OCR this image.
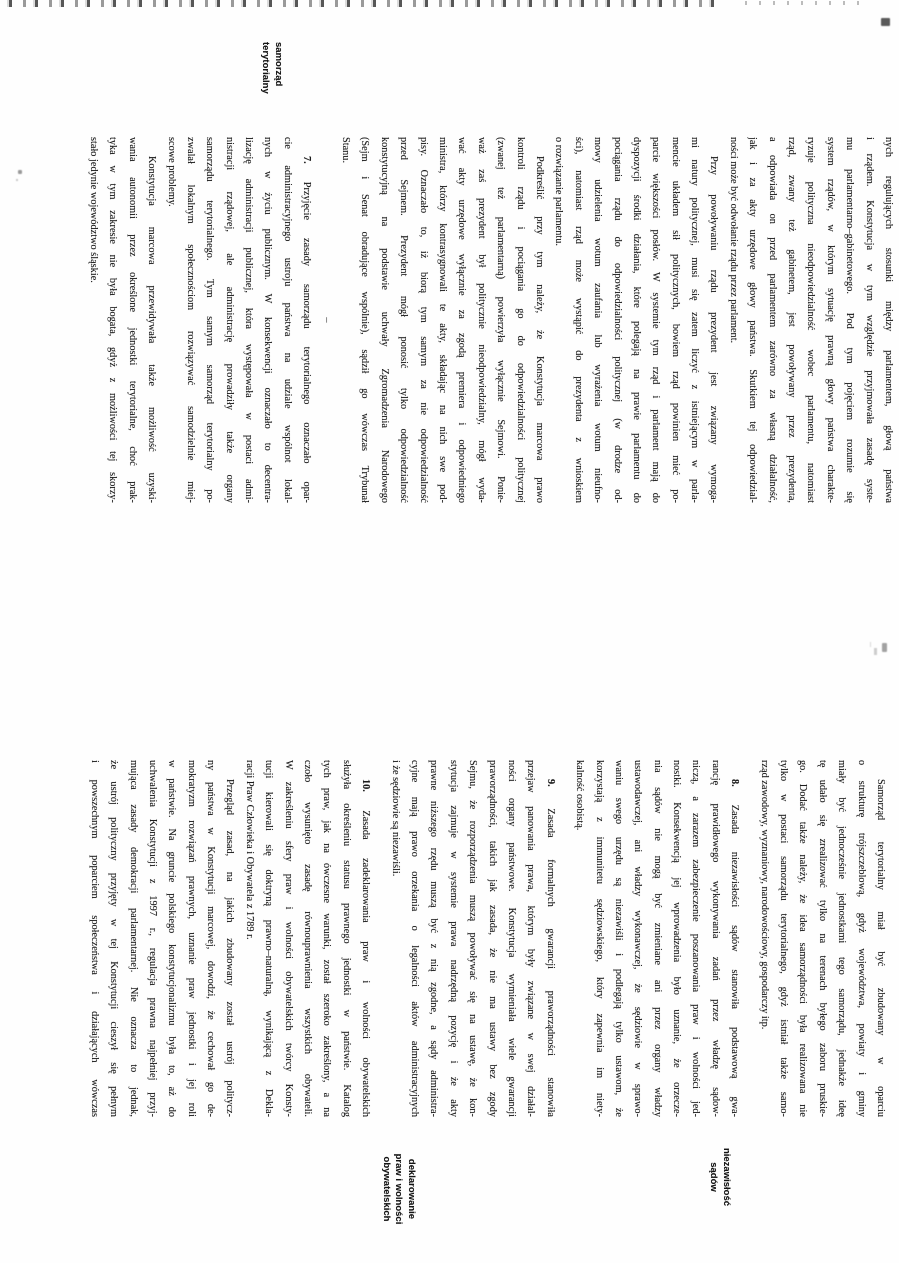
samorząd
terytorialny
nych regulujących stosunki między parlamentem, głową państwa
i rządem. Konstytucja w tym względzie przyjmowała zasadę syste-
mu parlamentarno–gabinetowego. Pod tym pojęciem rozumie się
system rządów, w którym sytuację prawną głowy państwa charakte-
ryzuje polityczna nieodpowiedzialność wobec parlamentu, natomiast
rząd, zwany też gabinetem, jest powoływany przez prezydenta,
a odpowiada on przed parlamentem zarówno za własną działalność,
jak i za akty urzędowe głowy państwa. Skutkiem tej odpowiedzial-
ności może być odwołanie rządu przez parlament.
Przy powoływaniu rządu prezydent jest związany wymoga-
mi natury politycznej, musi się zatem liczyć z istniejącym w parla-
mencie układem sił politycznych, bowiem rząd powinien mieć po-
parcie większości posłów. W systemie tym rząd i parlament mają do
dyspozycji środki działania, które polegają na prawie parlamentu do
pociągania rządu do odpowiedzialności politycznej (w drodze od-
mowy udzielenia wotum zaufania lub wyrażenia wotum nieufno-
ści), natomiast rząd może wystąpić do prezydenta z wnioskiem
o rozwiązanie parlamentu.
Podkreślić przy tym należy, że Konstytucja marcowa prawo
kontroli rządu i pociągania go do odpowiedzialności politycznej
(zwanej też parlamentarną) powierzyła wyłącznie Sejmowi. Ponie-
waż zaś prezydent był politycznie nieodpowiedzialny, mógł wyda-
wać akty urzędowe wyłącznie za zgodą premiera i odpowiedniego
ministra, którzy kontrasygnowali te akty, składając na nich swe pod-
pisy. Oznaczało to, iż biorą tym samym za nie odpowiedzialność
przed Sejmem. Prezydent mógł ponosić tylko odpowiedzialność
konstytucyjną na podstawie uchwały Zgromadzenia Narodowego
(Sejm i Senat obradujące wspólnie), sądził go wówczas Trybunał
Stanu.
–
7. Przyjęcie zasady samorządu terytorialnego oznaczało opar-
cie administracyjnego ustroju państwa na udziale wspólnot lokal-
nych w życiu publicznym. W konsekwencji oznaczało to decentra-
lizację administracji publicznej, która występowała w postaci admi-
nistracji rządowej, ale administrację prowadziły także organy
samorządu terytorialnego. Tym samym samorząd terytorialny po-
zwalał lokalnym społecznościom rozwiązywać samodzielnie miej-
scowe problemy.
Konstytucja marcowa przewidywała także możliwość uzyski-
wania autonomii przez określone jednostki terytorialne, choć prak-
tyka w tym zakresie nie była bogata, gdyż z możliwości tej skorzy-
stało jedynie województwo śląskie.
niezawisłość
sądów
deklarowanie
praw i wolności
obywatelskich
Samorząd terytorialny miał być zbudowany w oparciu
o strukturę trójszczeblową, gdyż województwa, powiaty i gminy
miały być jednocześnie jednostkami tego samorządu, jednakże ideę
tę udało się zrealizować tylko na terenach byłego zaboru pruskie-
go. Dodać także należy, że idea samorządności była realizowana nie
tylko w postaci samorządu terytorialnego, gdyż istniał także samo-
rząd zawodowy, wyznaniowy, narodowościowy, gospodarczy itp.
8. Zasada niezawisłości sądów stanowiła podstawową gwa-
rancję prawidłowego wykonywania zadań przez władzę sądow-
niczą, a zarazem zabezpieczenie poszanowania praw i wolności jed-
nostki. Konsekwencją jej wprowadzenia było uznanie, że orzecze-
nia sądów nie mogą być zmieniane ani przez organy władzy
ustawodawczej, ani władzy wykonawczej, że sędziowie w sprawo-
waniu swego urzędu są niezawiśli i podlegają tylko ustawom, że
korzystają z immunitetu sędziowskiego, który zapewnia im niety-
kalność osobistą.
9. Zasada formalnych gwarancji praworządności stanowiła
przejaw panowania prawa, którym były związane w swej działal-
ności organy państwowe. Konstytucja wymieniała wiele gwarancji
praworządności, takich jak zasada, że nie ma ustawy bez zgody
Sejmu, że rozporządzenia muszą powoływać się na ustawę, że kon-
stytucja zajmuje w systemie prawa nadrzędną pozycję i że akty
prawne niższego rzędu muszą być z nią zgodne, a sądy administra-
cyjne mają prawo orzekania o legalności aktów administracyjnych
i że sędziowie są niezawiśli.
10. Zasada zadeklarowania praw i wolności obywatelskich
służyła określeniu statusu prawnego jednostki w państwie. Katalog
tych praw, jak na ówczesne warunki, został szeroko zakreślony, a na
czoło wysunięto zasadę równouprawnienia wszystkich obywateli.
W zakreśleniu sfery praw i wolności obywatelskich twórcy Konsty-
tucji kierowali się doktryną prawno–naturalną, wynikającą z Dekla-
racji Praw Człowieka i Obywatela z 1789 r.
Przegląd zasad, na jakich zbudowany został ustrój politycz-
ny państwa w Konstytucji marcowej, dowodzi, że cechował go de-
mokratyzm rozwiązań prawnych, uznanie praw jednostki i jej roli
w państwie. Na gruncie polskiego konstytucjonalizmu była to, aż do
uchwalenia Konstytucji z 1997 r., regulacja prawna najpełniej przyj-
mująca zasady demokracji parlamentarnej. Nie oznacza to jednak,
że ustrój polityczny przyjęty w tej Konstytucji cieszył się pełnym
i powszechnym poparciem społeczeństwa i działających wówczas
